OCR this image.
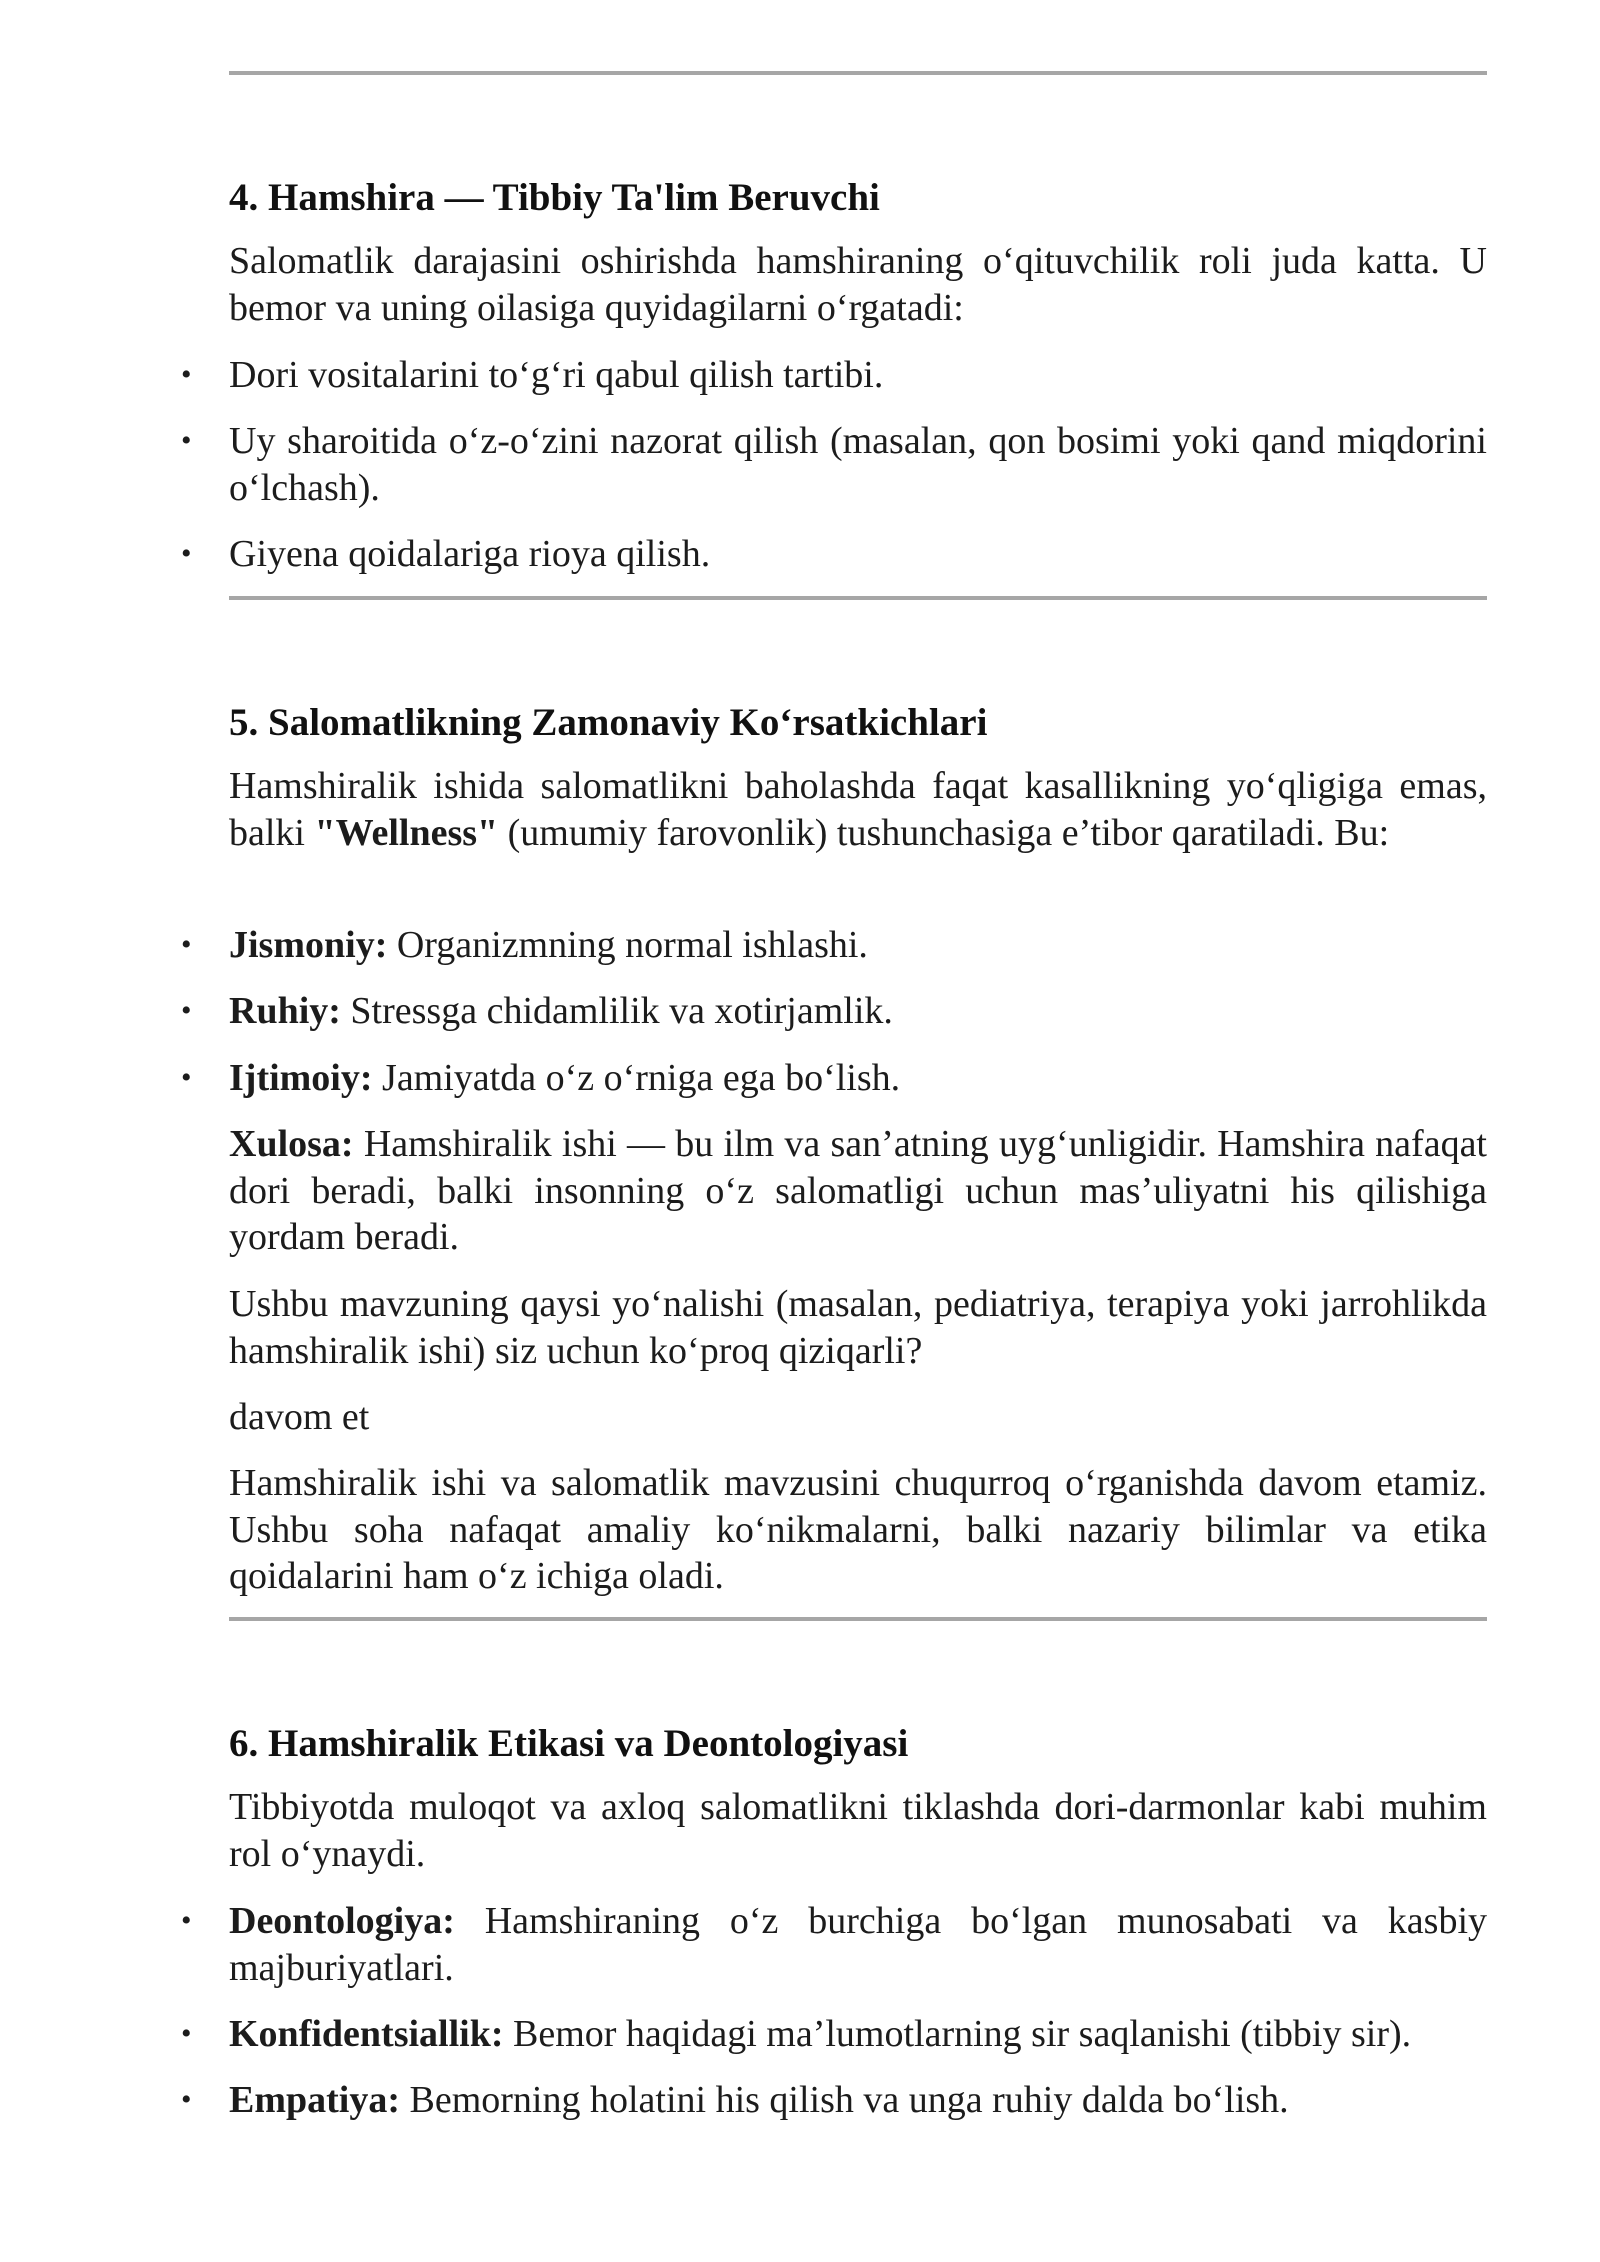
4. Hamshira — Tibbiy Ta'lim Beruvchi

Salomatlik darajasini oshirishda hamshiraning o‘qituvchilik roli juda katta. U bemor va uning oilasiga quyidagilarni o‘rgatadi:

• Dori vositalarini to‘g‘ri qabul qilish tartibi.
• Uy sharoitida o‘z-o‘zini nazorat qilish (masalan, qon bosimi yoki qand miqdorini o‘lchash).
• Giyena qoidalariga rioya qilish.
5. Salomatlikning Zamonaviy Ko‘rsatkichlari

Hamshiralik ishida salomatlikni baholashda faqat kasallikning yo‘qligiga emas, balki "Wellness" (umumiy farovonlik) tushunchasiga e’tibor qaratiladi. Bu:

• Jismoniy: Organizmning normal ishlashi.
• Ruhiy: Stressga chidamlilik va xotirjamlik.
• Ijtimoiy: Jamiyatda o‘z o‘rniga ega bo‘lish.

Xulosa: Hamshiralik ishi — bu ilm va san’atning uyg‘unligidir. Hamshira nafaqat dori beradi, balki insonning o‘z salomatligi uchun mas’uliyatni his qilishiga yordam beradi.

Ushbu mavzuning qaysi yo‘nalishi (masalan, pediatriya, terapiya yoki jarrohlikda hamshiralik ishi) siz uchun ko‘proq qiziqarli?

davom et

Hamshiralik ishi va salomatlik mavzusini chuqurroq o‘rganishda davom etamiz. Ushbu soha nafaqat amaliy ko‘nikmalarni, balki nazariy bilimlar va etika qoidalarini ham o‘z ichiga oladi.

6. Hamshiralik Etikasi va Deontologiyasi

Tibbiyotda muloqot va axloq salomatlikni tiklashda dori-darmonlar kabi muhim rol o‘ynaydi.

• Deontologiya: Hamshiraning o‘z burchiga bo‘lgan munosabati va kasbiy majburiyatlari.
• Konfidentsiallik: Bemor haqidagi ma’lumotlarning sir saqlanishi (tibbiy sir).
• Empatiya: Bemorning holatini his qilish va unga ruhiy dalda bo‘lish.
